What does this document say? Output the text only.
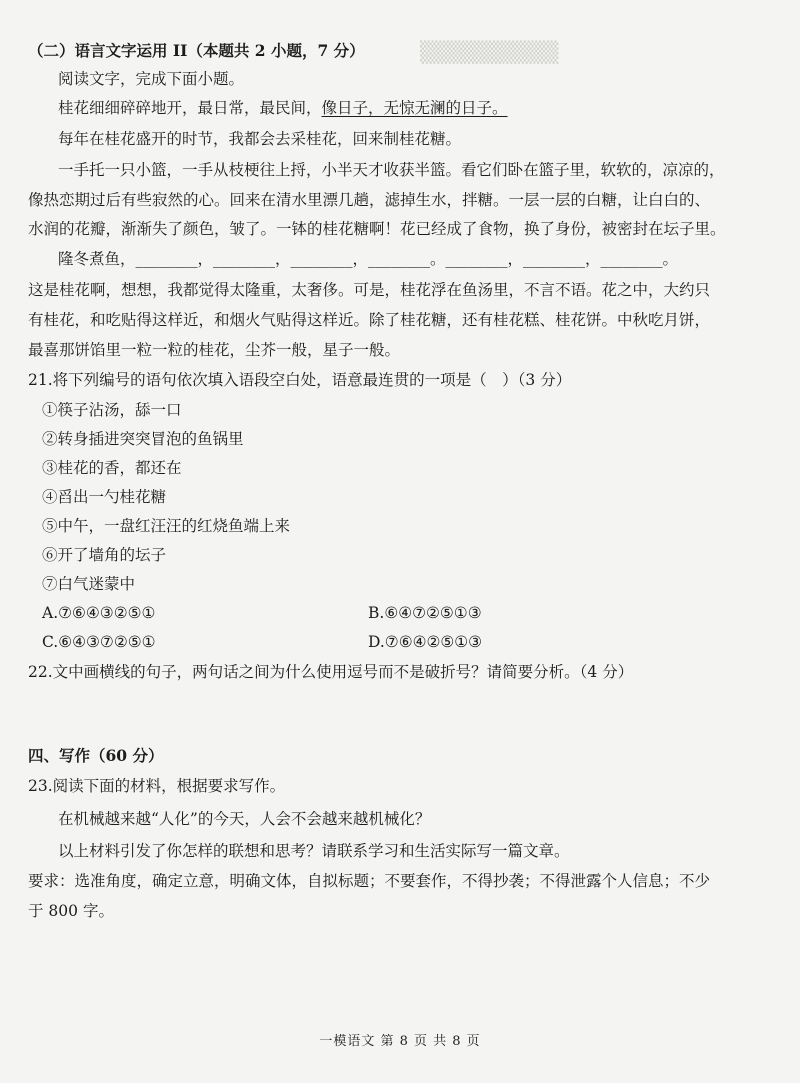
▒▒▒▒▒▒▒▒▒
（二）语言文字运用 II（本题共 2 小题，7 分）
阅读文字，完成下面小题。
桂花细细碎碎地开，最日常，最民间，像日子，无惊无澜的日子。
每年在桂花盛开的时节，我都会去采桂花，回来制桂花糖。
一手托一只小篮，一手从枝梗往上捋，小半天才收获半篮。看它们卧在篮子里，软软的，凉凉的，
像热恋期过后有些寂然的心。回来在清水里漂几趟，滤掉生水，拌糖。一层一层的白糖，让白白的、
水润的花瓣，渐渐失了颜色，皱了。一钵的桂花糖啊！花已经成了食物，换了身份，被密封在坛子里。
隆冬煮鱼，________，________，________，________。________，________，________。
这是桂花啊，想想，我都觉得太隆重，太奢侈。可是，桂花浮在鱼汤里，不言不语。花之中，大约只
有桂花，和吃贴得这样近，和烟火气贴得这样近。除了桂花糖，还有桂花糕、桂花饼。中秋吃月饼，
最喜那饼馅里一粒一粒的桂花，尘芥一般，星子一般。
21.将下列编号的语句依次填入语段空白处，语意最连贯的一项是（　）（3 分）
①筷子沾汤，舔一口
②转身插进突突冒泡的鱼锅里
③桂花的香，都还在
④舀出一勺桂花糖
⑤中午，一盘红汪汪的红烧鱼端上来
⑥开了墙角的坛子
⑦白气迷蒙中
A.⑦⑥④③②⑤①	B.⑥④⑦②⑤①③
C.⑥④③⑦②⑤①	D.⑦⑥④②⑤①③
22.文中画横线的句子，两句话之间为什么使用逗号而不是破折号？请简要分析。（4 分）
四、写作（60 分）
23.阅读下面的材料，根据要求写作。
在机械越来越“人化”的今天，人会不会越来越机械化？
以上材料引发了你怎样的联想和思考？请联系学习和生活实际写一篇文章。
要求：选准角度，确定立意，明确文体，自拟标题；不要套作，不得抄袭；不得泄露个人信息；不少
于 800 字。
一模语文 第 8 页 共 8 页
